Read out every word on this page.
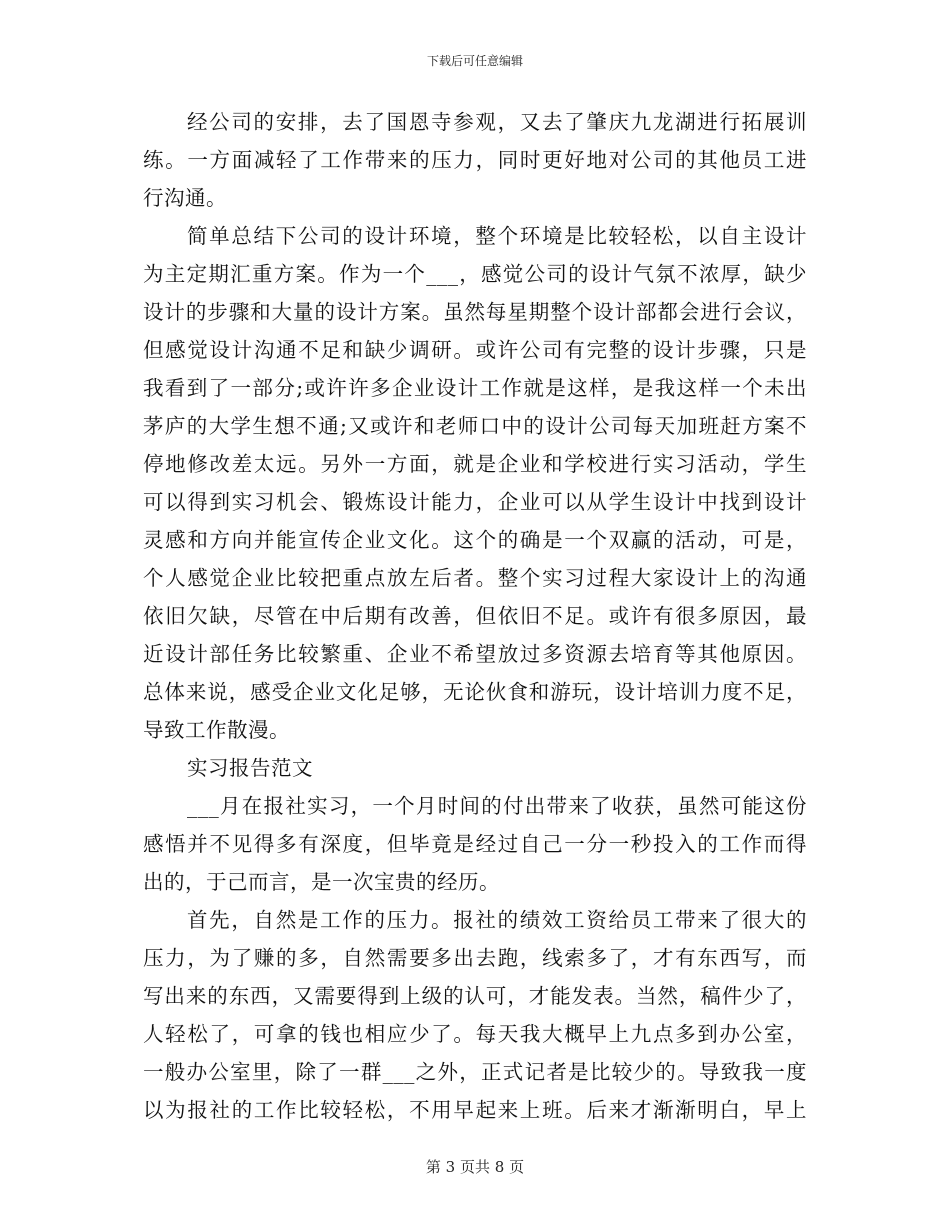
下载后可任意编辑
经公司的安排，去了国恩寺参观，又去了肇庆九龙湖进行拓展训
练。一方面减轻了工作带来的压力，同时更好地对公司的其他员工进
行沟通。
简单总结下公司的设计环境，整个环境是比较轻松，以自主设计
为主定期汇重方案。作为一个___，感觉公司的设计气氛不浓厚，缺少
设计的步骤和大量的设计方案。虽然每星期整个设计部都会进行会议，
但感觉设计沟通不足和缺少调研。或许公司有完整的设计步骤，只是
我看到了一部分;或许许多企业设计工作就是这样，是我这样一个未出
茅庐的大学生想不通;又或许和老师口中的设计公司每天加班赶方案不
停地修改差太远。另外一方面，就是企业和学校进行实习活动，学生
可以得到实习机会、锻炼设计能力，企业可以从学生设计中找到设计
灵感和方向并能宣传企业文化。这个的确是一个双赢的活动，可是，
个人感觉企业比较把重点放左后者。整个实习过程大家设计上的沟通
依旧欠缺，尽管在中后期有改善，但依旧不足。或许有很多原因，最
近设计部任务比较繁重、企业不希望放过多资源去培育等其他原因。
总体来说，感受企业文化足够，无论伙食和游玩，设计培训力度不足，
导致工作散漫。
实习报告范文
___月在报社实习，一个月时间的付出带来了收获，虽然可能这份
感悟并不见得多有深度，但毕竟是经过自己一分一秒投入的工作而得
出的，于己而言，是一次宝贵的经历。
首先，自然是工作的压力。报社的绩效工资给员工带来了很大的
压力，为了赚的多，自然需要多出去跑，线索多了，才有东西写，而
写出来的东西，又需要得到上级的认可，才能发表。当然，稿件少了，
人轻松了，可拿的钱也相应少了。每天我大概早上九点多到办公室，
一般办公室里，除了一群___之外，正式记者是比较少的。导致我一度
以为报社的工作比较轻松，不用早起来上班。后来才渐渐明白，早上
第 3 页共 8 页
